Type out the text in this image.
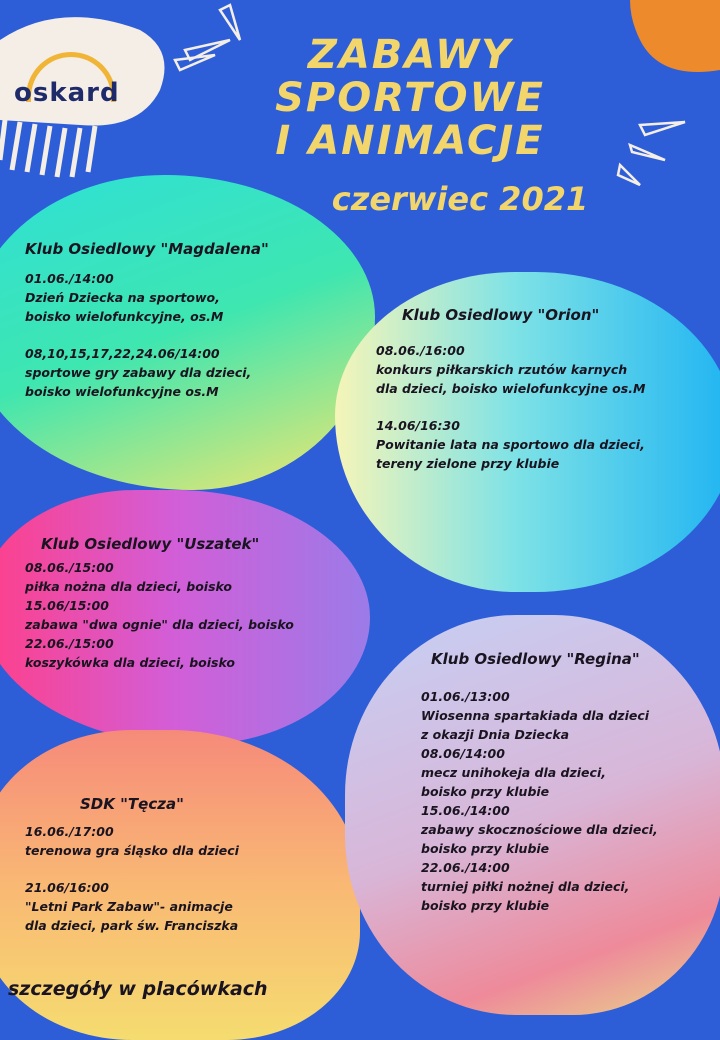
oskard
ZABAWY
SPORTOWE
I ANIMACJE
czerwiec 2021
Klub Osiedlowy "Magdalena"
01.06./14:00
Dzień Dziecka na sportowo,
boisko wielofunkcyjne, os.M
08,10,15,17,22,24.06/14:00
sportowe gry zabawy dla dzieci,
boisko wielofunkcyjne os.M
Klub Osiedlowy "Orion"
08.06./16:00
konkurs piłkarskich rzutów karnych
dla dzieci, boisko wielofunkcyjne os.M
14.06/16:30
Powitanie lata na sportowo dla dzieci,
tereny zielone przy klubie
Klub Osiedlowy "Uszatek"
08.06./15:00
piłka nożna dla dzieci, boisko
15.06/15:00
zabawa "dwa ognie" dla dzieci, boisko
22.06./15:00
koszykówka dla dzieci, boisko	Klub Osiedlowy "Regina"
01.06./13:00
Wiosenna spartakiada dla dzieci
z okazji Dnia Dziecka
08.06/14:00
mecz unihokeja dla dzieci,
boisko przy klubie
15.06./14:00
zabawy skocznościowe dla dzieci,
boisko przy klubie
22.06./14:00
turniej piłki nożnej dla dzieci,
boisko przy klubie
SDK "Tęcza"
16.06./17:00
terenowa gra śląsko dla dzieci
21.06/16:00
"Letni Park Zabaw"- animacje
dla dzieci, park św. Franciszka
szczegóły w placówkach
